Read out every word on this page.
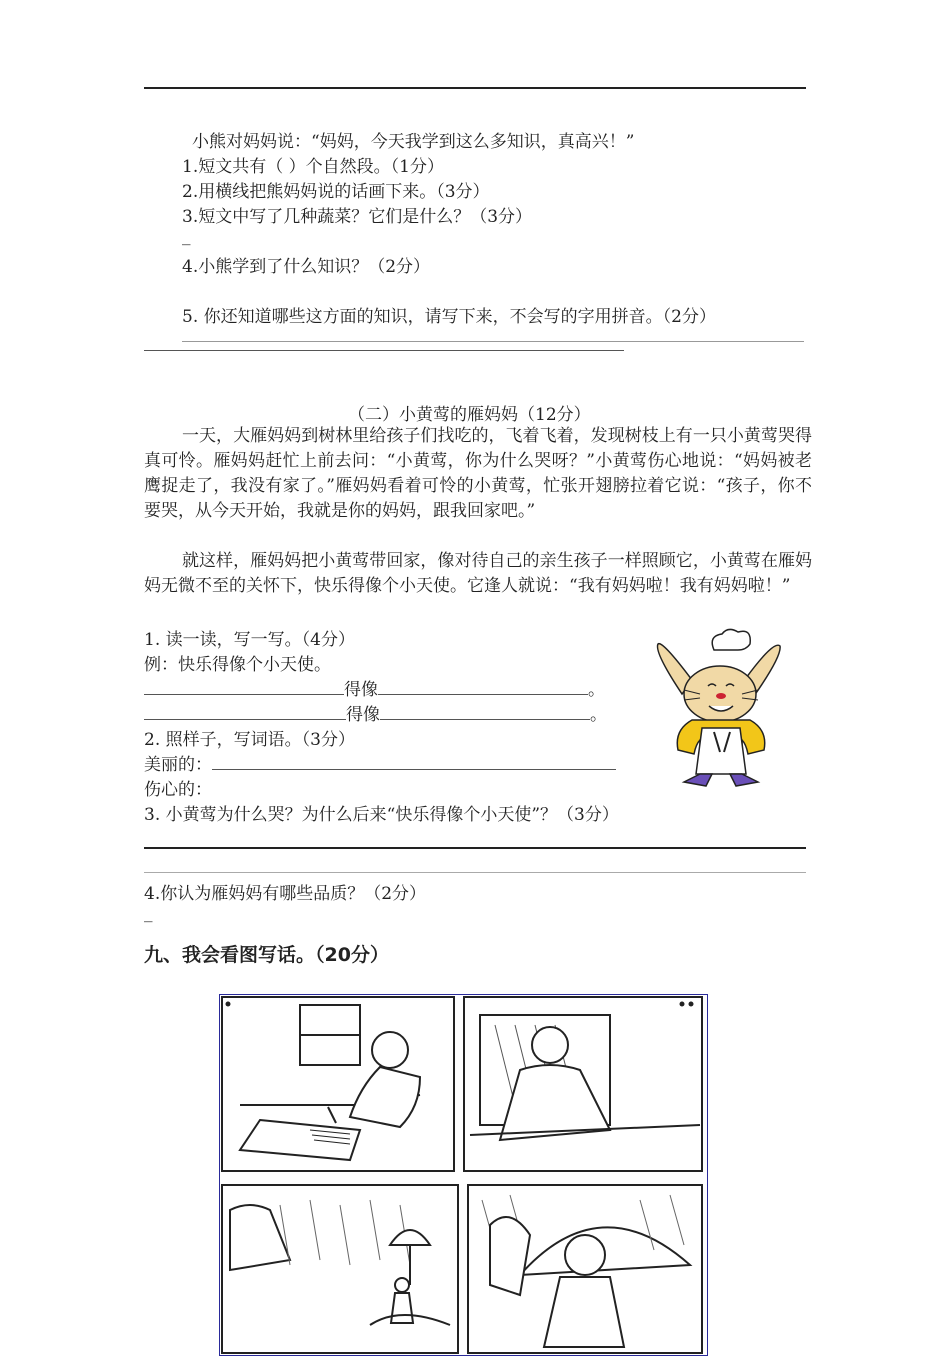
小熊对妈妈说：“妈妈，今天我学到这么多知识，真高兴！”
1.短文共有（ ）个自然段。（1分）
2.用横线把熊妈妈说的话画下来。（3分）
3.短文中写了几种蔬菜？它们是什么？（3分）
_
4.小熊学到了什么知识？（2分）
5. 你还知道哪些这方面的知识，请写下来，不会写的字用拼音。（2分）
（二）小黄莺的雁妈妈（12分）
一天，大雁妈妈到树林里给孩子们找吃的，飞着飞着，发现树枝上有一只小黄莺哭得真可怜。雁妈妈赶忙上前去问：“小黄莺，你为什么哭呀？”小黄莺伤心地说：“妈妈被老鹰捉走了，我没有家了。”雁妈妈看着可怜的小黄莺，忙张开翅膀拉着它说：“孩子，你不要哭，从今天开始，我就是你的妈妈，跟我回家吧。”
就这样，雁妈妈把小黄莺带回家，像对待自己的亲生孩子一样照顾它，小黄莺在雁妈妈无微不至的关怀下，快乐得像个小天使。它逢人就说：“我有妈妈啦！我有妈妈啦！”
1. 读一读，写一写。（4分）
例：快乐得像个小天使。
得像	。
得像	。
2. 照样子，写词语。（3分）
美丽的：
伤心的：
3. 小黄莺为什么哭？为什么后来“快乐得像个小天使”？（3分）
4.你认为雁妈妈有哪些品质？（2分）
_
九、我会看图写话。（20分）
